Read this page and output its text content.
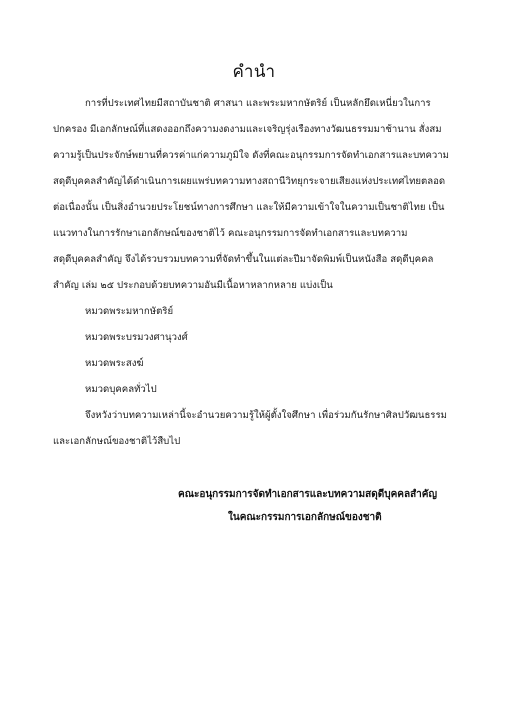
คำนำ
การที่ประเทศไทยมีสถาบันชาติ ศาสนา และพระมหากษัตริย์ เป็นหลักยึดเหนี่ยวในการ
ปกครอง มีเอกลักษณ์ที่แสดงออกถึงความงดงามและเจริญรุ่งเรืองทางวัฒนธรรมมาช้านาน สั่งสม
ความรู้เป็นประจักษ์พยานที่ควรค่าแก่ความภูมิใจ ดังที่คณะอนุกรรมการจัดทำเอกสารและบทความ
สดุดีบุคคลสำคัญได้ดำเนินการเผยแพร่บทความทางสถานีวิทยุกระจายเสียงแห่งประเทศไทยตลอด
ต่อเนื่องนั้น เป็นสิ่งอำนวยประโยชน์ทางการศึกษา และให้มีความเข้าใจในความเป็นชาติไทย เป็น
แนวทางในการรักษาเอกลักษณ์ของชาติไว้ คณะอนุกรรมการจัดทำเอกสารและบทความ
สดุดีบุคคลสำคัญ จึงได้รวบรวมบทความที่จัดทำขึ้นในแต่ละปีมาจัดพิมพ์เป็นหนังสือ สดุดีบุคคล
สำคัญ เล่ม ๒๕ ประกอบด้วยบทความอันมีเนื้อหาหลากหลาย แบ่งเป็น
หมวดพระมหากษัตริย์
หมวดพระบรมวงศานุวงศ์
หมวดพระสงฆ์
หมวดบุคคลทั่วไป
จึงหวังว่าบทความเหล่านี้จะอำนวยความรู้ให้ผู้ตั้งใจศึกษา เพื่อร่วมกันรักษาศิลปวัฒนธรรม
และเอกลักษณ์ของชาติไว้สืบไป
คณะอนุกรรมการจัดทำเอกสารและบทความสดุดีบุคคลสำคัญ
ในคณะกรรมการเอกลักษณ์ของชาติ
